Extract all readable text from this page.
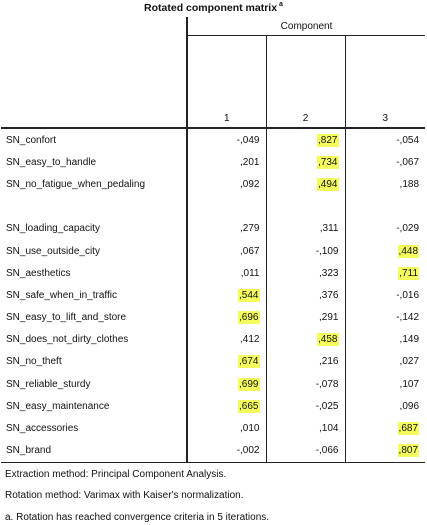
Rotated component matrix $^a$
	Component		
	1	2	3
SN_confort	-,049	,827	-,054
SN_easy_to_handle	,201	,734	-,067
SN_no_fatigue_when_pedaling	,092	,494	,188

SN_loading_capacity	,279	,311	-,029
SN_use_outside_city	,067	-,109	,448
SN_aesthetics	,011	,323	,711
SN_safe_when_in_traffic	,544	,376	-,016
SN_easy_to_lift_and_store	,696	,291	-,142
SN_does_not_dirty_clothes	,412	,458	,149
SN_no_theft	,674	,216	,027
SN_reliable_sturdy	,699	-,078	,107
SN_easy_maintenance	,665	-,025	,096
SN_accessories	,010	,104	,687
SN_brand	-,002	-,066	,807
Extraction method: Principal Component Analysis.
Rotation method: Varimax with Kaiser's normalization.
a. Rotation has reached convergence criteria in 5 iterations.
